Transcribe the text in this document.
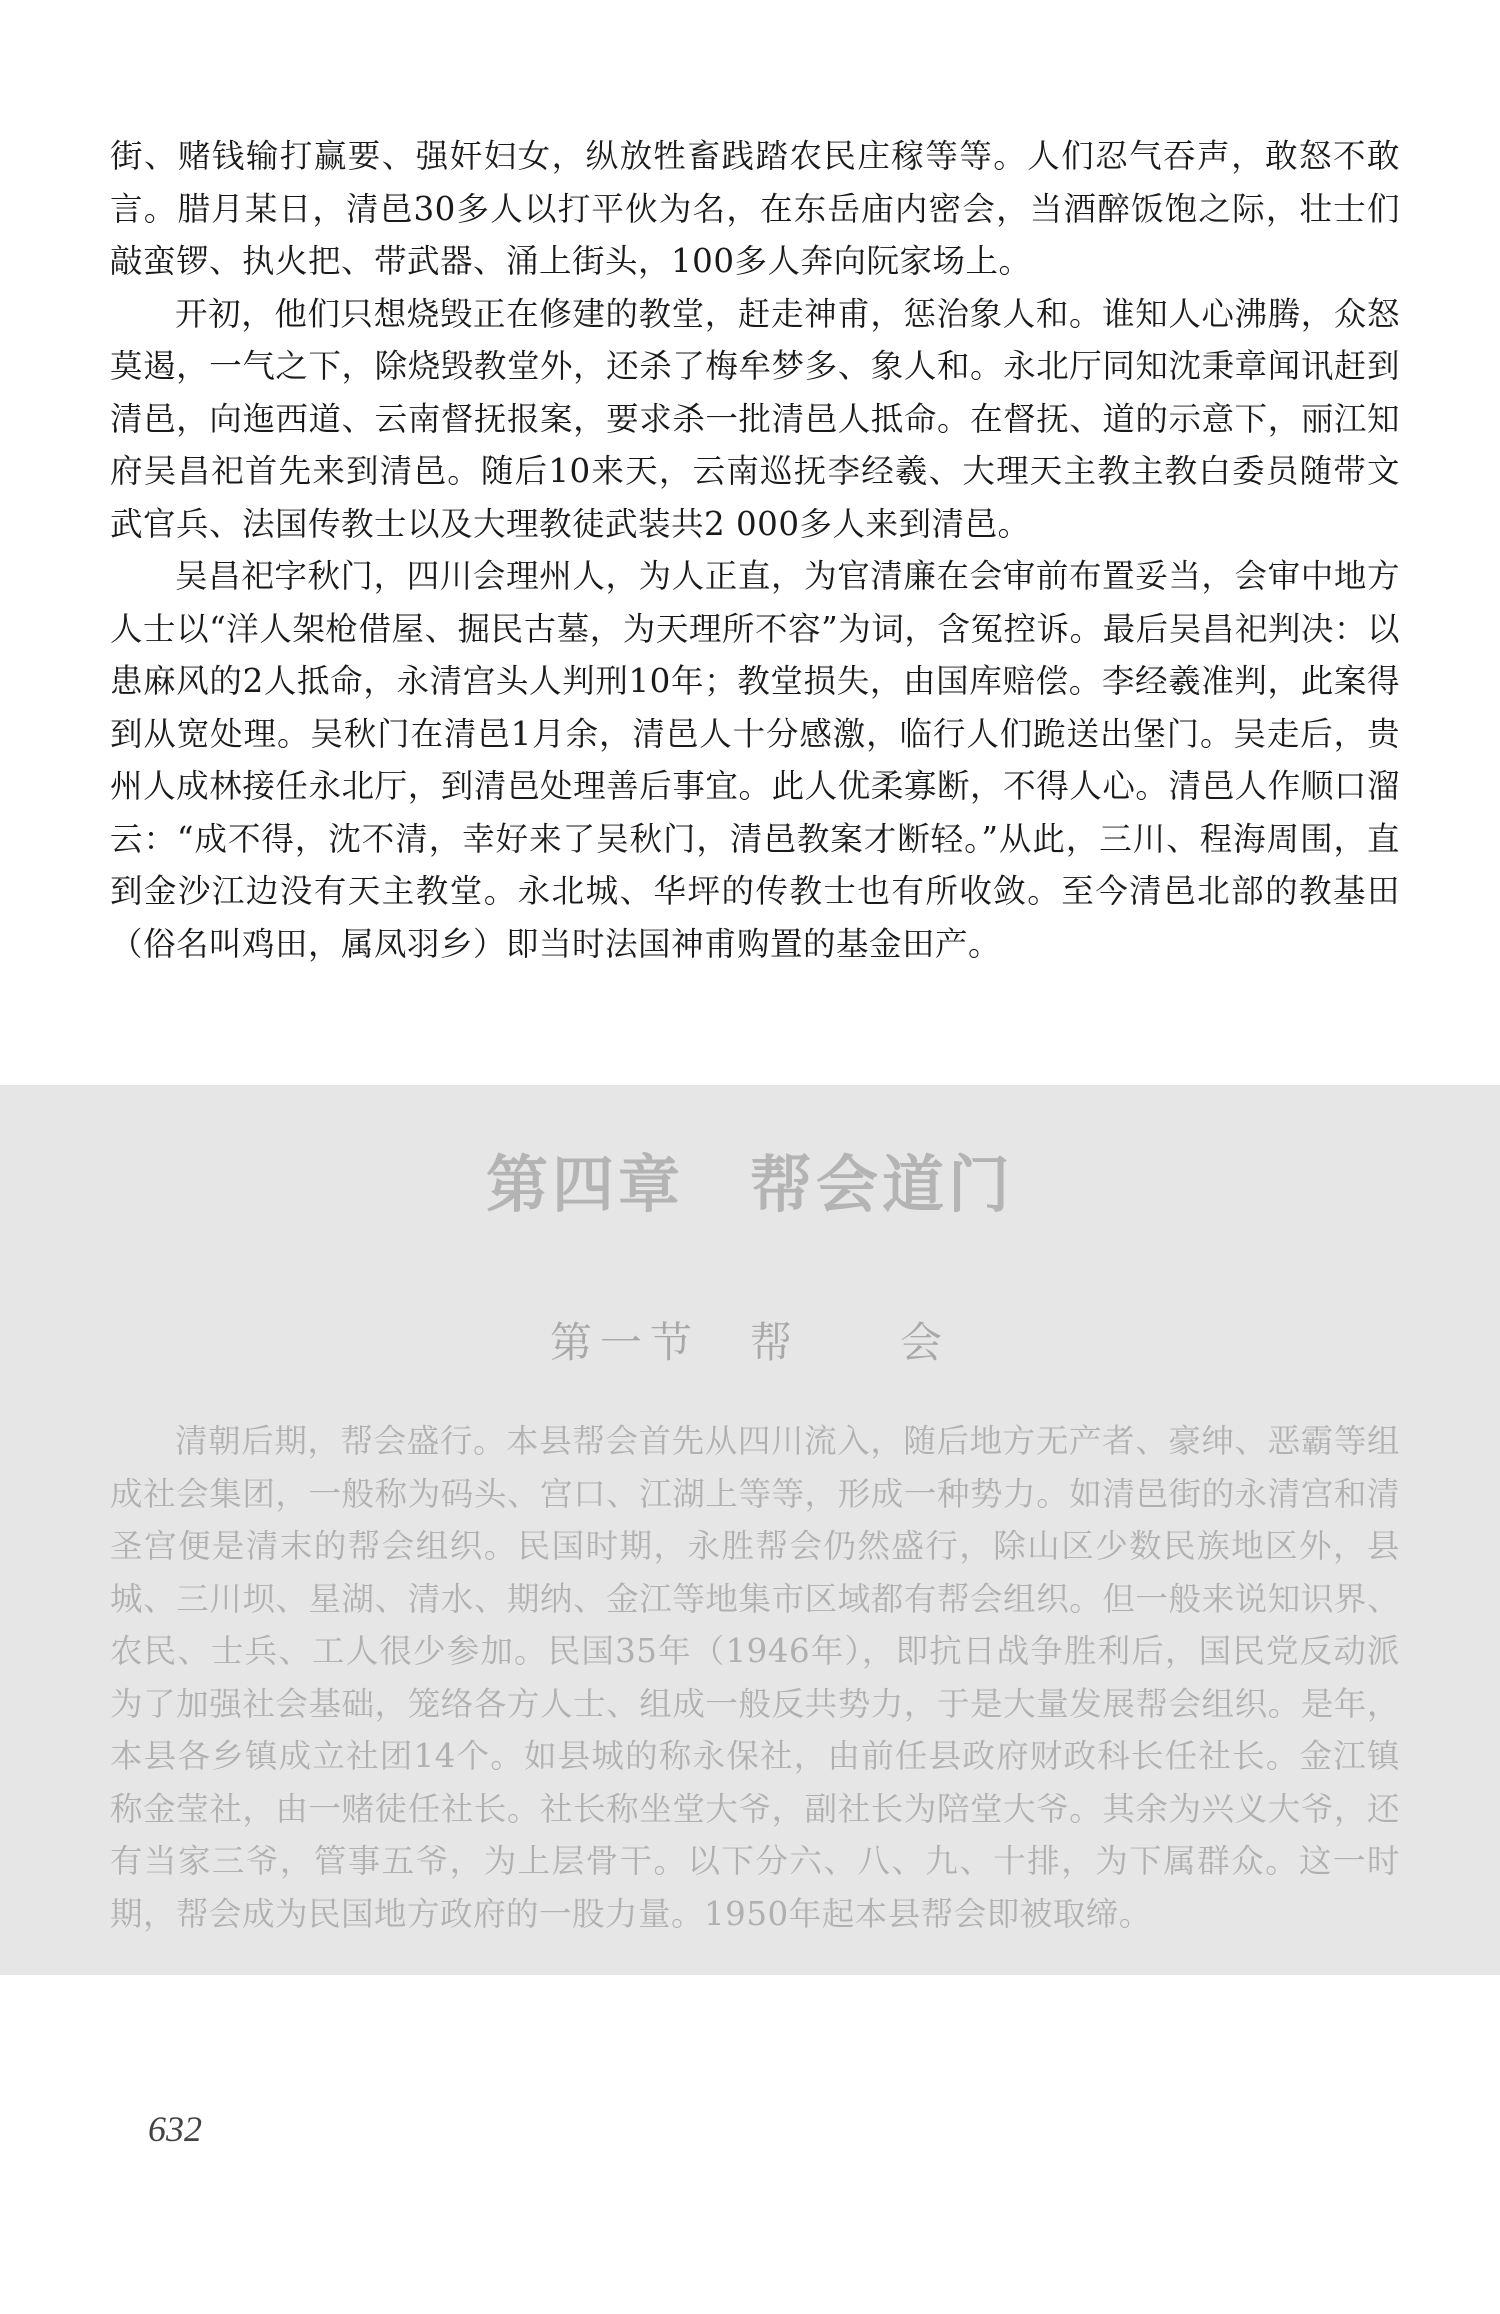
街、赌钱输打赢要、强奸妇女，纵放牲畜践踏农民庄稼等等。人们忍气吞声，敢怒不敢言。腊月某日，清邑30多人以打平伙为名，在东岳庙内密会，当酒醉饭饱之际，壮士们敲蛮锣、执火把、带武器、涌上街头，100多人奔向阮家场上。

开初，他们只想烧毁正在修建的教堂，赶走神甫，惩治象人和。谁知人心沸腾，众怒莫遏，一气之下，除烧毁教堂外，还杀了梅牟梦多、象人和。永北厅同知沈秉章闻讯赶到清邑，向迤西道、云南督抚报案，要求杀一批清邑人抵命。在督抚、道的示意下，丽江知府吴昌祀首先来到清邑。随后10来天，云南巡抚李经羲、大理天主教主教白委员随带文武官兵、法国传教士以及大理教徒武装共2 000多人来到清邑。

吴昌祀字秋门，四川会理州人，为人正直，为官清廉在会审前布置妥当，会审中地方人士以“洋人架枪借屋、掘民古墓，为天理所不容”为词，含冤控诉。最后吴昌祀判决：以患麻风的2人抵命，永清宫头人判刑10年；教堂损失，由国库赔偿。李经羲准判，此案得到从宽处理。吴秋门在清邑1月余，清邑人十分感激，临行人们跪送出堡门。吴走后，贵州人成林接任永北厅，到清邑处理善后事宜。此人优柔寡断，不得人心。清邑人作顺口溜云：“成不得，沈不清，幸好来了吴秋门，清邑教案才断轻。”从此，三川、程海周围，直到金沙江边没有天主教堂。永北城、华坪的传教士也有所收敛。至今清邑北部的教基田（俗名叫鸡田，属凤羽乡）即当时法国神甫购置的基金田产。

第四章　帮会道门
第一节　帮　　会

清朝后期，帮会盛行。本县帮会首先从四川流入，随后地方无产者、豪绅、恶霸等组成社会集团，一般称为码头、宫口、江湖上等等，形成一种势力。如清邑街的永清宫和清圣宫便是清末的帮会组织。民国时期，永胜帮会仍然盛行，除山区少数民族地区外，县城、三川坝、星湖、清水、期纳、金江等地集市区域都有帮会组织。但一般来说知识界、农民、士兵、工人很少参加。民国35年（1946年），即抗日战争胜利后，国民党反动派为了加强社会基础，笼络各方人士、组成一般反共势力，于是大量发展帮会组织。是年，本县各乡镇成立社团14个。如县城的称永保社，由前任县政府财政科长任社长。金江镇称金莹社，由一赌徒任社长。社长称坐堂大爷，副社长为陪堂大爷。其余为兴义大爷，还有当家三爷，管事五爷，为上层骨干。以下分六、八、九、十排，为下属群众。这一时期，帮会成为民国地方政府的一股力量。1950年起本县帮会即被取缔。

632
